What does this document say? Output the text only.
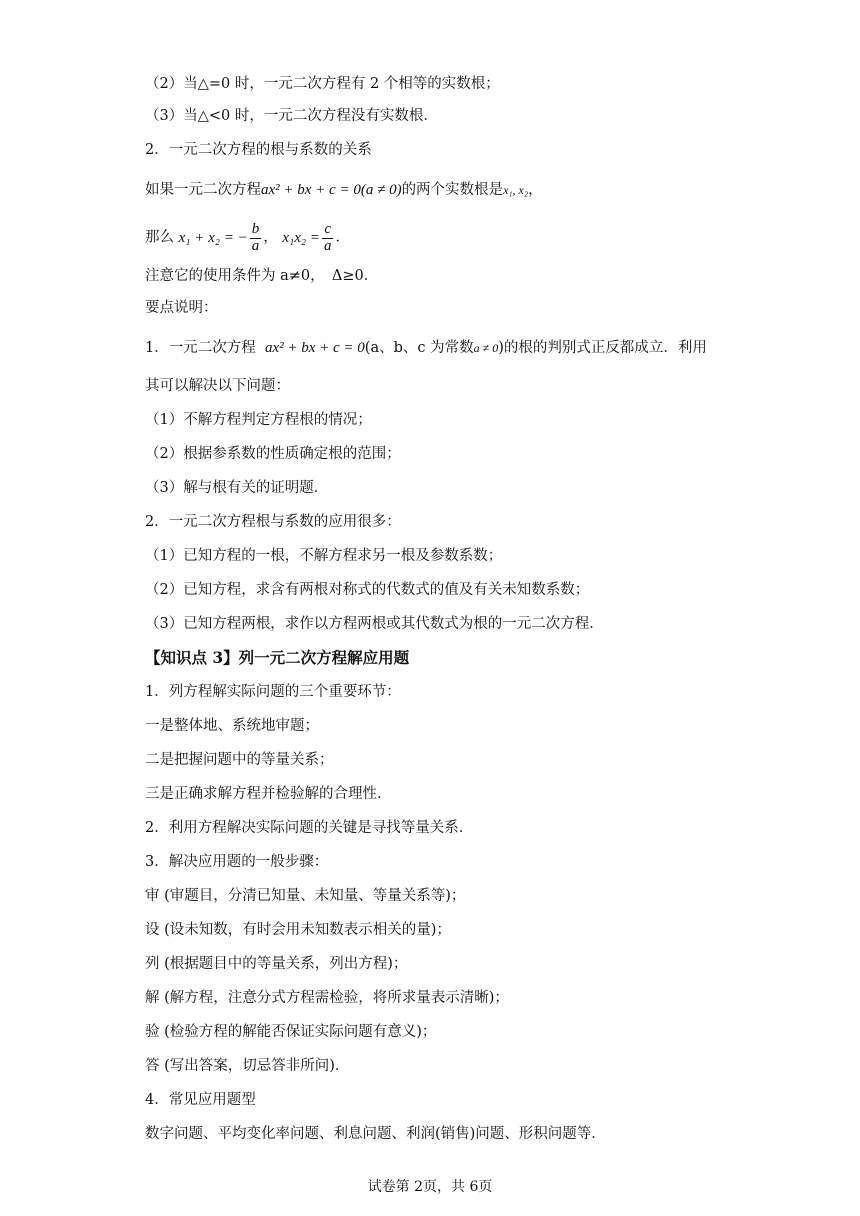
（2）当△=0 时，一元二次方程有 2 个相等的实数根；
（3）当△<0 时，一元二次方程没有实数根．
2．一元二次方程的根与系数的关系
如果一元二次方程ax² + bx + c = 0(a ≠ 0)的两个实数根是x₁, x₂，
那么 x₁ + x₂ = − $\frac{b}{a}$ ， $x_1x_2 = \frac{c}{a}$ ．
注意它的使用条件为 a≠0，　Δ≥0．
要点说明：
1．一元二次方程 ax² + bx + c = 0(a、b、c 为常数a ≠ 0)的根的判别式正反都成立．利用
其可以解决以下问题：
（1）不解方程判定方程根的情况；
（2）根据参系数的性质确定根的范围；
（3）解与根有关的证明题．
2．一元二次方程根与系数的应用很多：
（1）已知方程的一根，不解方程求另一根及参数系数；
（2）已知方程，求含有两根对称式的代数式的值及有关未知数系数；
（3）已知方程两根，求作以方程两根或其代数式为根的一元二次方程．
【知识点 3】列一元二次方程解应用题
1．列方程解实际问题的三个重要环节：
一是整体地、系统地审题；
二是把握问题中的等量关系；
三是正确求解方程并检验解的合理性．
2．利用方程解决实际问题的关键是寻找等量关系．
3．解决应用题的一般步骤：
审 (审题目，分清已知量、未知量、等量关系等)；
设 (设未知数，有时会用未知数表示相关的量)；
列 (根据题目中的等量关系，列出方程)；
解 (解方程，注意分式方程需检验，将所求量表示清晰)；
验 (检验方程的解能否保证实际问题有意义)；
答 (写出答案，切忌答非所问)．
4．常见应用题型
数字问题、平均变化率问题、利息问题、利润(销售)问题、形积问题等．
试卷第 2页，共 6页
